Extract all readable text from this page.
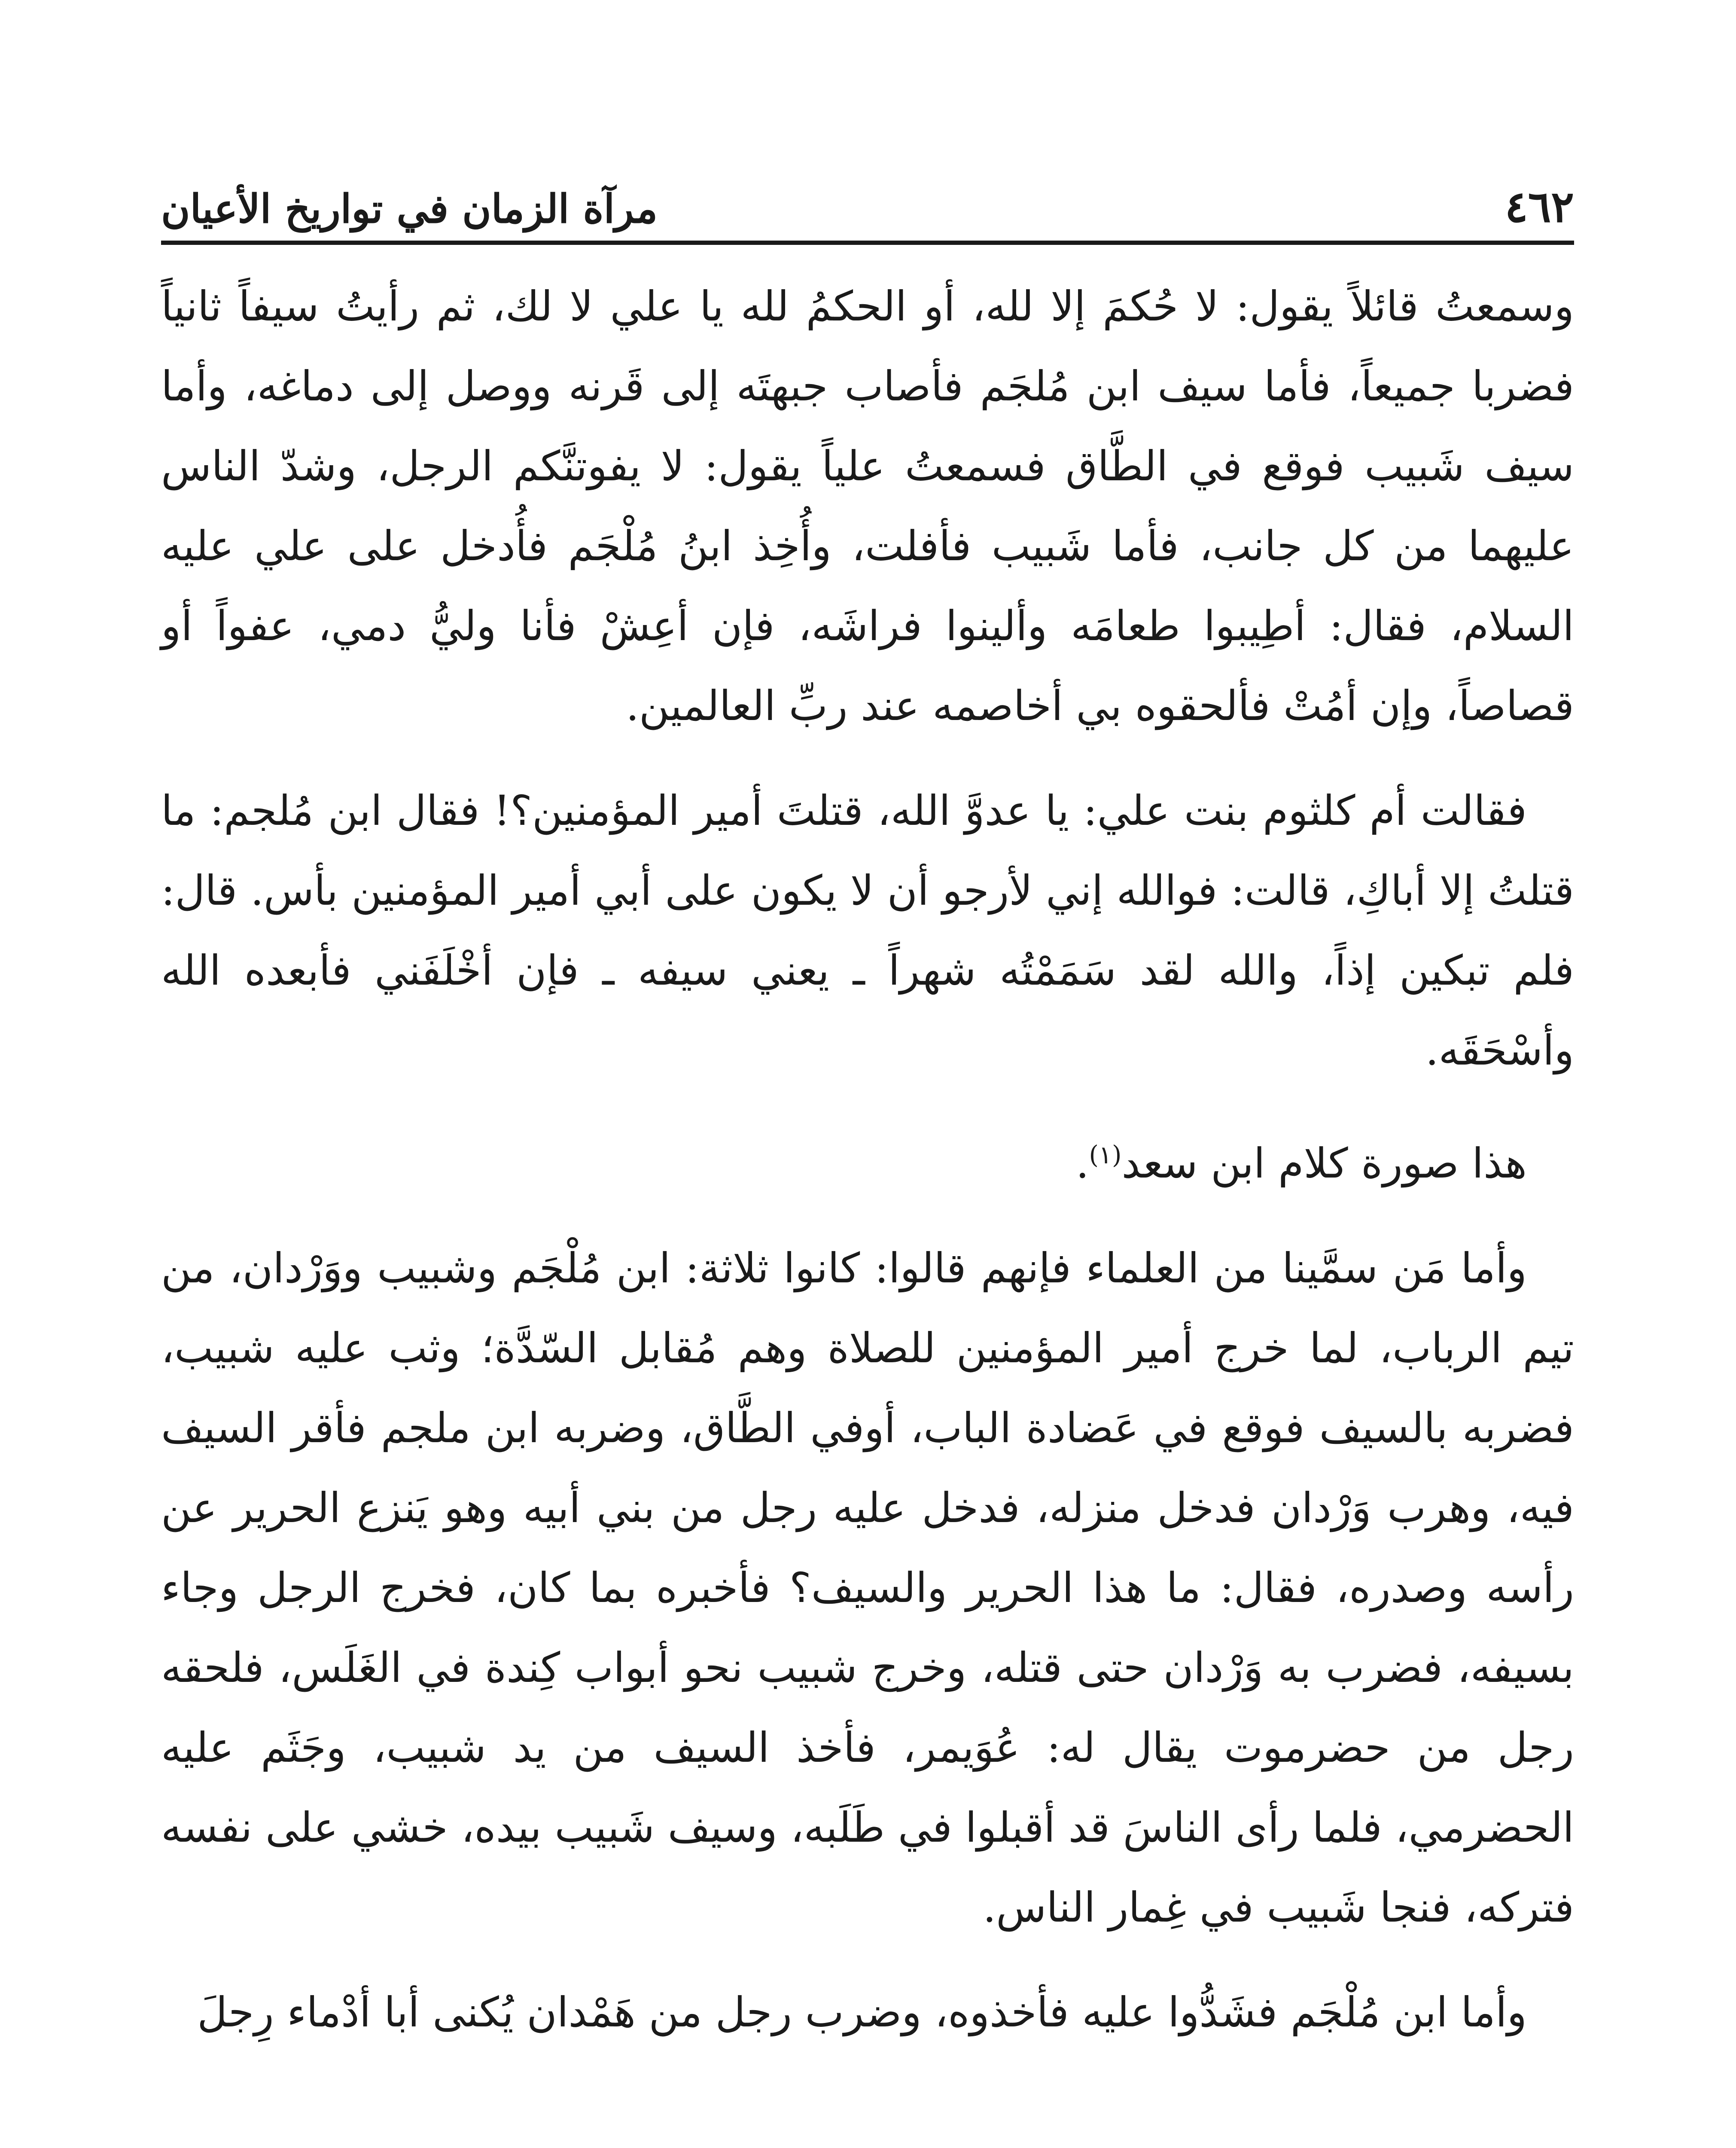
مرآة الزمان في تواريخ الأعيان	٤٦٢

وسمعتُ قائلاً يقول: لا حُكمَ إلا لله، أو الحكمُ لله يا علي لا لك، ثم رأيتُ سيفاً ثانياً فضربا جميعاً، فأما سيف ابن مُلجَم فأصاب جبهتَه إلى قَرنه ووصل إلى دماغه، وأما سيف شَبيب فوقع في الطَّاق فسمعتُ علياً يقول: لا يفوتنَّكم الرجل، وشدّ الناس عليهما من كل جانب، فأما شَبيب فأفلت، وأُخِذ ابنُ مُلْجَم فأُدخل على علي عليه السلام، فقال: أطِيبوا طعامَه وألينوا فراشَه، فإن أعِشْ فأنا وليُّ دمي، عفواً أو قصاصاً، وإن أمُتْ فألحقوه بي أخاصمه عند ربِّ العالمين.

فقالت أم كلثوم بنت علي: يا عدوَّ الله، قتلتَ أمير المؤمنين؟! فقال ابن مُلجم: ما قتلتُ إلا أباكِ، قالت: فوالله إني لأرجو أن لا يكون على أبي أمير المؤمنين بأس. قال: فلم تبكين إذاً، والله لقد سَمَمْتُه شهراً ـ يعني سيفه ـ فإن أخْلَفَني فأبعده الله وأسْحَقَه.

هذا صورة كلام ابن سعد$^{(١)}$.

وأما مَن سمَّينا من العلماء فإنهم قالوا: كانوا ثلاثة: ابن مُلْجَم وشبيب ووَرْدان، من تيم الرباب، لما خرج أمير المؤمنين للصلاة وهم مُقابل السّدَّة؛ وثب عليه شبيب، فضربه بالسيف فوقع في عَضادة الباب، أوفي الطَّاق، وضربه ابن ملجم فأقر السيف فيه، وهرب وَرْدان فدخل منزله، فدخل عليه رجل من بني أبيه وهو يَنزع الحرير عن رأسه وصدره، فقال: ما هذا الحرير والسيف؟ فأخبره بما كان، فخرج الرجل وجاء بسيفه، فضرب به وَرْدان حتى قتله، وخرج شبيب نحو أبواب كِندة في الغَلَس، فلحقه رجل من حضرموت يقال له: عُوَيمر، فأخذ السيف من يد شبيب، وجَثَم عليه الحضرمي، فلما رأى الناسَ قد أقبلوا في طَلَبه، وسيف شَبيب بيده، خشي على نفسه فتركه، فنجا شَبيب في غِمار الناس.

وأما ابن مُلْجَم فشَدُّوا عليه فأخذوه، وضرب رجل من هَمْدان يُكنى أبا أدْماء رِجلَ
